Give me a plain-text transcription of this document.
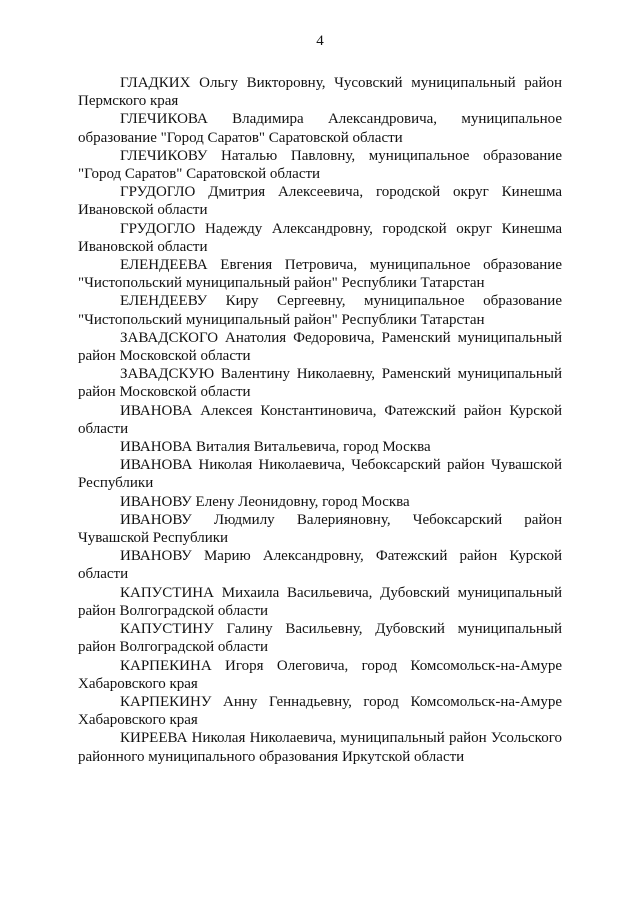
4

ГЛАДКИХ Ольгу Викторовну, Чусовский муниципальный район Пермского края

ГЛЕЧИКОВА Владимира Александровича, муниципальное образование "Город Саратов" Саратовской области

ГЛЕЧИКОВУ Наталью Павловну, муниципальное образование "Город Саратов" Саратовской области

ГРУДОГЛО Дмитрия Алексеевича, городской округ Кинешма Ивановской области

ГРУДОГЛО Надежду Александровну, городской округ Кинешма Ивановской области

ЕЛЕНДЕЕВА Евгения Петровича, муниципальное образование "Чистопольский муниципальный район" Республики Татарстан

ЕЛЕНДЕЕВУ Киру Сергеевну, муниципальное образование "Чистопольский муниципальный район" Республики Татарстан

ЗАВАДСКОГО Анатолия Федоровича, Раменский муниципальный район Московской области

ЗАВАДСКУЮ Валентину Николаевну, Раменский муниципальный район Московской области

ИВАНОВА Алексея Константиновича, Фатежский район Курской области

ИВАНОВА Виталия Витальевича, город Москва

ИВАНОВА Николая Николаевича, Чебоксарский район Чувашской Республики

ИВАНОВУ Елену Леонидовну, город Москва

ИВАНОВУ Людмилу Валерияновну, Чебоксарский район Чувашской Республики

ИВАНОВУ Марию Александровну, Фатежский район Курской области

КАПУСТИНА Михаила Васильевича, Дубовский муниципальный район Волгоградской области

КАПУСТИНУ Галину Васильевну, Дубовский муниципальный район Волгоградской области

КАРПЕКИНА Игоря Олеговича, город Комсомольск-на-Амуре Хабаровского края

КАРПЕКИНУ Анну Геннадьевну, город Комсомольск-на-Амуре Хабаровского края

КИРЕЕВА Николая Николаевича, муниципальный район Усольского районного муниципального образования Иркутской области
